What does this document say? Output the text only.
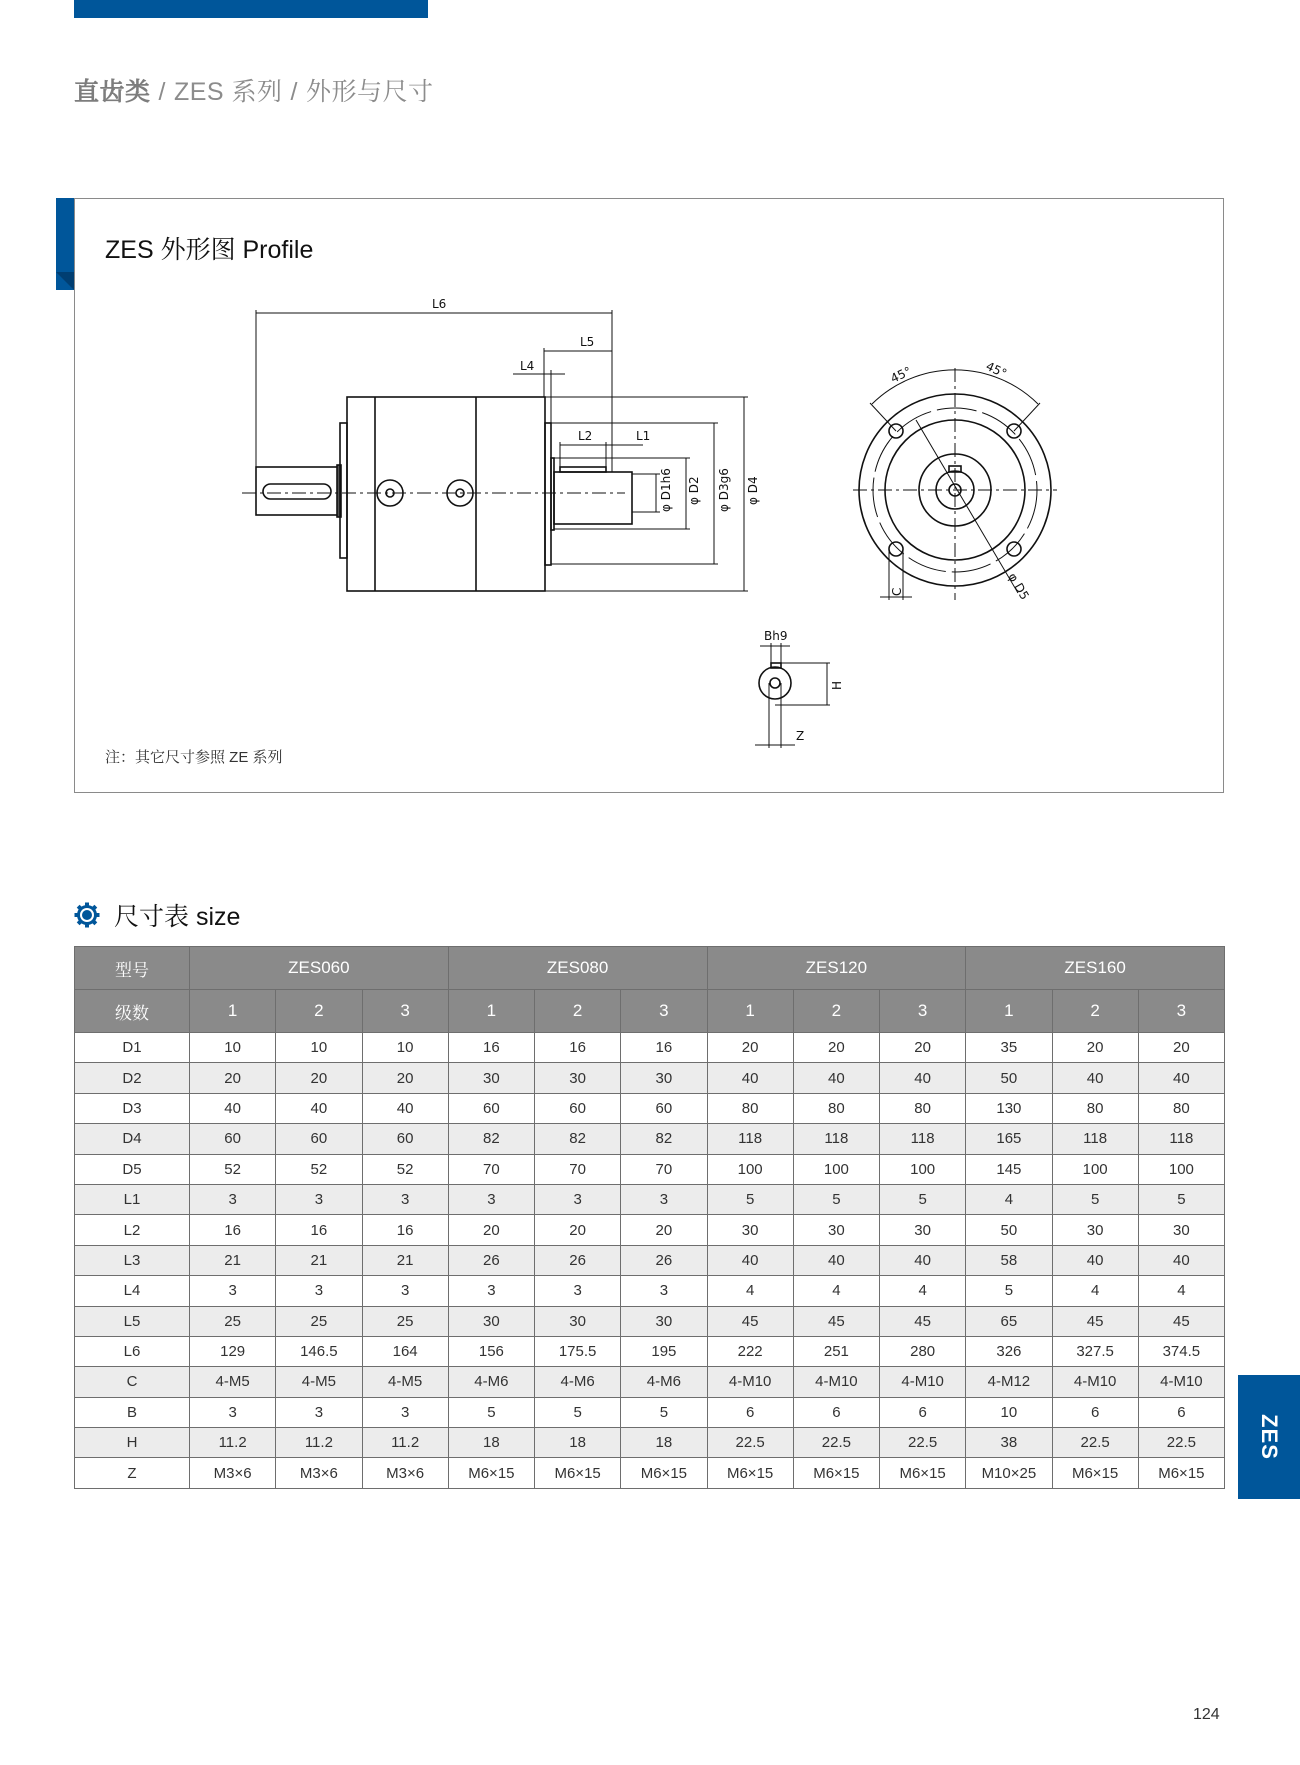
直齿类 / ZES 系列 / 外形与尺寸
ZES 外形图 Profile
L6
L5
L4
L2	L1
φ D1h6 φ D2 φ D3g6 φ D4
45°	45°
φ D5
C
Bh9
H
Z
注：其它尺寸参照 ZE 系列
尺寸表 size
型号	ZES060			ZES080			ZES120			ZES160		
级数	1	2	3	1	2	3	1	2	3	1	2	3
D1	10	10	10	16	16	16	20	20	20	35	20	20
D2	20	20	20	30	30	30	40	40	40	50	40	40
D3	40	40	40	60	60	60	80	80	80	130	80	80
D4	60	60	60	82	82	82	118	118	118	165	118	118
D5	52	52	52	70	70	70	100	100	100	145	100	100
L1	3	3	3	3	3	3	5	5	5	4	5	5
L2	16	16	16	20	20	20	30	30	30	50	30	30
L3	21	21	21	26	26	26	40	40	40	58	40	40
L4	3	3	3	3	3	3	4	4	4	5	4	4
L5	25	25	25	30	30	30	45	45	45	65	45	45
L6	129	146.5	164	156	175.5	195	222	251	280	326	327.5	374.5
C	4-M5	4-M5	4-M5	4-M6	4-M6	4-M6	4-M10	4-M10	4-M10	4-M12	4-M10	4-M10
B	3	3	3	5	5	5	6	6	6	10	6	6
H	11.2	11.2	11.2	18	18	18	22.5	22.5	22.5	38	22.5	22.5
Z	M3×6	M3×6	M3×6	M6×15	M6×15	M6×15	M6×15	M6×15	M6×15	M10×25	M6×15	M6×15
ZES
124
